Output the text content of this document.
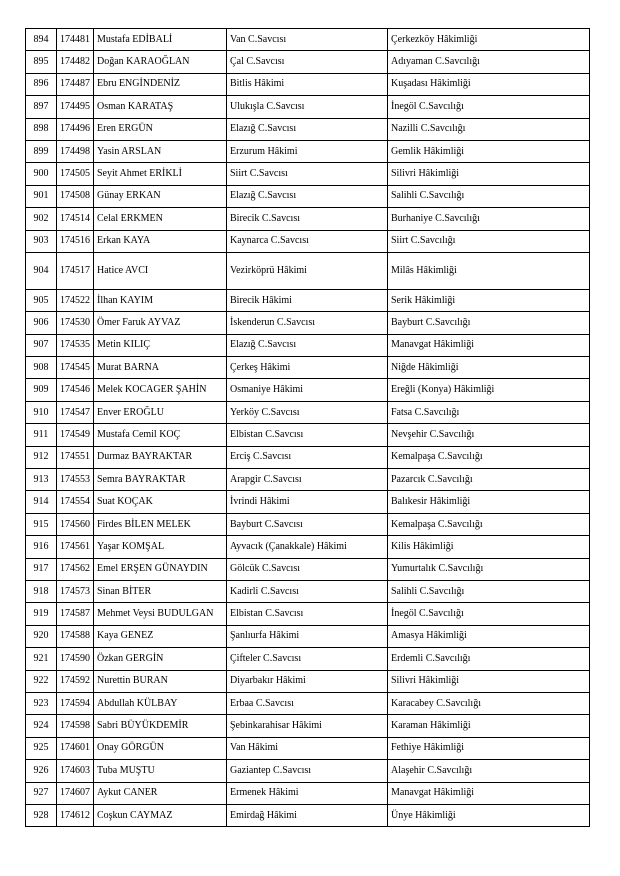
894	174481	Mustafa EDİBALİ	Van C.Savcısı	Çerkezköy Hâkimliği
895	174482	Doğan KARAOĞLAN	Çal C.Savcısı	Adıyaman C.Savcılığı
896	174487	Ebru ENGİNDENİZ	Bitlis Hâkimi	Kuşadası Hâkimliği
897	174495	Osman KARATAŞ	Ulukışla C.Savcısı	İnegöl C.Savcılığı
898	174496	Eren ERGÜN	Elazığ C.Savcısı	Nazilli C.Savcılığı
899	174498	Yasin ARSLAN	Erzurum Hâkimi	Gemlik Hâkimliği
900	174505	Seyit Ahmet ERİKLİ	Siirt C.Savcısı	Silivri Hâkimliği
901	174508	Günay ERKAN	Elazığ C.Savcısı	Salihli C.Savcılığı
902	174514	Celal ERKMEN	Birecik C.Savcısı	Burhaniye C.Savcılığı
903	174516	Erkan KAYA	Kaynarca C.Savcısı	Siirt C.Savcılığı
904	174517	Hatice AVCI	Vezirköprü Hâkimi	Milâs Hâkimliği
905	174522	İlhan KAYIM	Birecik Hâkimi	Serik Hâkimliği
906	174530	Ömer Faruk AYVAZ	İskenderun C.Savcısı	Bayburt C.Savcılığı
907	174535	Metin KILIÇ	Elazığ C.Savcısı	Manavgat Hâkimliği
908	174545	Murat BARNA	Çerkeş Hâkimi	Niğde Hâkimliği
909	174546	Melek KOCAGER ŞAHİN	Osmaniye Hâkimi	Ereğli (Konya) Hâkimliği
910	174547	Enver EROĞLU	Yerköy C.Savcısı	Fatsa C.Savcılığı
911	174549	Mustafa Cemil KOÇ	Elbistan C.Savcısı	Nevşehir C.Savcılığı
912	174551	Durmaz BAYRAKTAR	Erciş C.Savcısı	Kemalpaşa C.Savcılığı
913	174553	Semra BAYRAKTAR	Arapgir C.Savcısı	Pazarcık C.Savcılığı
914	174554	Suat KOÇAK	İvrindi Hâkimi	Balıkesir Hâkimliği
915	174560	Firdes BİLEN MELEK	Bayburt C.Savcısı	Kemalpaşa C.Savcılığı
916	174561	Yaşar KOMŞAL	Ayvacık (Çanakkale) Hâkimi	Kilis Hâkimliği
917	174562	Emel ERŞEN GÜNAYDIN	Gölcük C.Savcısı	Yumurtalık C.Savcılığı
918	174573	Sinan BİTER	Kadirli C.Savcısı	Salihli C.Savcılığı
919	174587	Mehmet Veysi BUDULGAN	Elbistan C.Savcısı	İnegöl C.Savcılığı
920	174588	Kaya GENEZ	Şanlıurfa Hâkimi	Amasya Hâkimliği
921	174590	Özkan GERGİN	Çifteler C.Savcısı	Erdemli C.Savcılığı
922	174592	Nurettin BURAN	Diyarbakır Hâkimi	Silivri Hâkimliği
923	174594	Abdullah KÜLBAY	Erbaa C.Savcısı	Karacabey C.Savcılığı
924	174598	Sabri BÜYÜKDEMİR	Şebinkarahisar Hâkimi	Karaman Hâkimliği
925	174601	Onay GÖRGÜN	Van Hâkimi	Fethiye Hâkimliği
926	174603	Tuba MUŞTU	Gaziantep C.Savcısı	Alaşehir C.Savcılığı
927	174607	Aykut CANER	Ermenek Hâkimi	Manavgat Hâkimliği
928	174612	Coşkun CAYMAZ	Emirdağ Hâkimi	Ünye Hâkimliği
